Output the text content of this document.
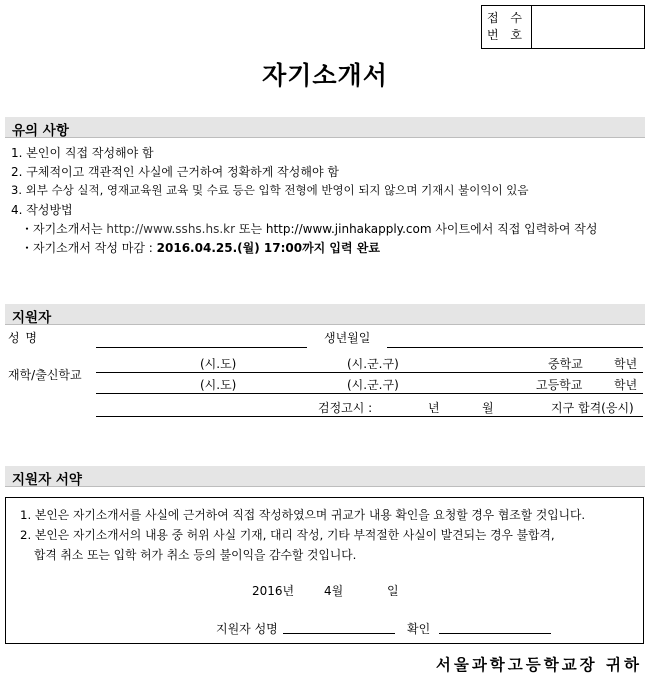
접 수
번 호
자기소개서
유의 사항
1. 본인이 직접 작성해야 함
2. 구체적이고 객관적인 사실에 근거하여 정확하게 작성해야 함
3. 외부 수상 실적, 영재교육원 교육 및 수료 등은 입학 전형에 반영이 되지 않으며 기재시 불이익이 있음
4. 작성방법
・자기소개서는 http://www.sshs.hs.kr 또는 http://www.jinhakapply.com 사이트에서 직접 입력하여 작성
・자기소개서 작성 마감 : 2016.04.25.(월) 17:00까지 입력 완료
지원자
성 명	생년월일
재학/출신학교
(시.도)	(시.군.구)	중학교	학년
(시.도)	(시.군.구)	고등학교	학년
검정고시 :	년	월	지구 합격(응시)
지원자 서약
1. 본인은 자기소개서를 사실에 근거하여 직접 작성하였으며 귀교가 내용 확인을 요청할 경우 협조할 것입니다.
2. 본인은 자기소개서의 내용 중 허위 사실 기재, 대리 작성, 기타 부적절한 사실이 발견되는 경우 불합격,
합격 취소 또는 입학 허가 취소 등의 불이익을 감수할 것입니다.
2016년 4월	일
지원자 성명	확인
서울과학고등학교장 귀하
